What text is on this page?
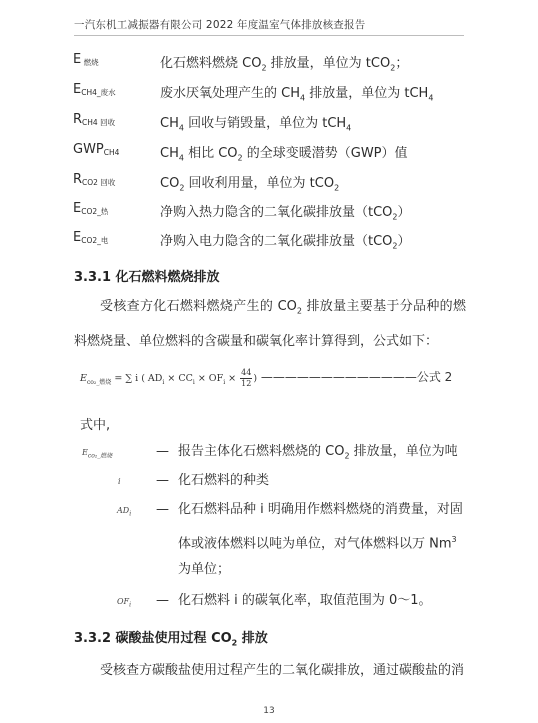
一汽东机工减振器有限公司 2022 年度温室气体排放核查报告
E $_{燃烧}$	化石燃料燃烧 $CO_2$ 排放量，单位为 tCO$_2$；
$E_{CH4\_废水}$	废水厌氧处理产生的 $CH_4$ 排放量，单位为 tCH$_4$
$R_{CH4 回收}$	$CH_4$ 回收与销毁量，单位为 tCH$_4$
$GWP_{CH4}$	$CH_4$ 相比 $CO_2$ 的全球变暖潜势（GWP）值
$R_{CO2 回收}$	$CO_2$ 回收利用量，单位为 tCO$_2$
$E_{CO2\_热}$	净购入热力隐含的二氧化碳排放量（tCO$_2$）
$E_{CO2\_电}$	净购入电力隐含的二氧化碳排放量（tCO$_2$）
3.3.1 化石燃料燃烧排放
受核查方化石燃料燃烧产生的 $CO_2$ 排放量主要基于分品种的燃料燃烧量、单位燃料的含碳量和碳氧化率计算得到，公式如下：
$E_{co_2\_燃烧}$ = ∑ i ( $AD_i \times CC_i \times OF_i \times \frac{44}{12}$ ) —————————————公式 2
式中,
$E_{co_2\_燃烧}$	— 报告主体化石燃料燃烧的 $CO_2$ 排放量，单位为吨
i	— 化石燃料的种类
$AD_i$ — 化石燃料品种 i 明确用作燃料燃烧的消费量，对固
体或液体燃料以吨为单位，对气体燃料以万 Nm$^3$
为单位；
$OF_i$ — 化石燃料 i 的碳氧化率，取值范围为 0～1。
3.3.2 碳酸盐使用过程 $CO_2$ 排放
受核查方碳酸盐使用过程产生的二氧化碳排放，通过碳酸盐的消
13
